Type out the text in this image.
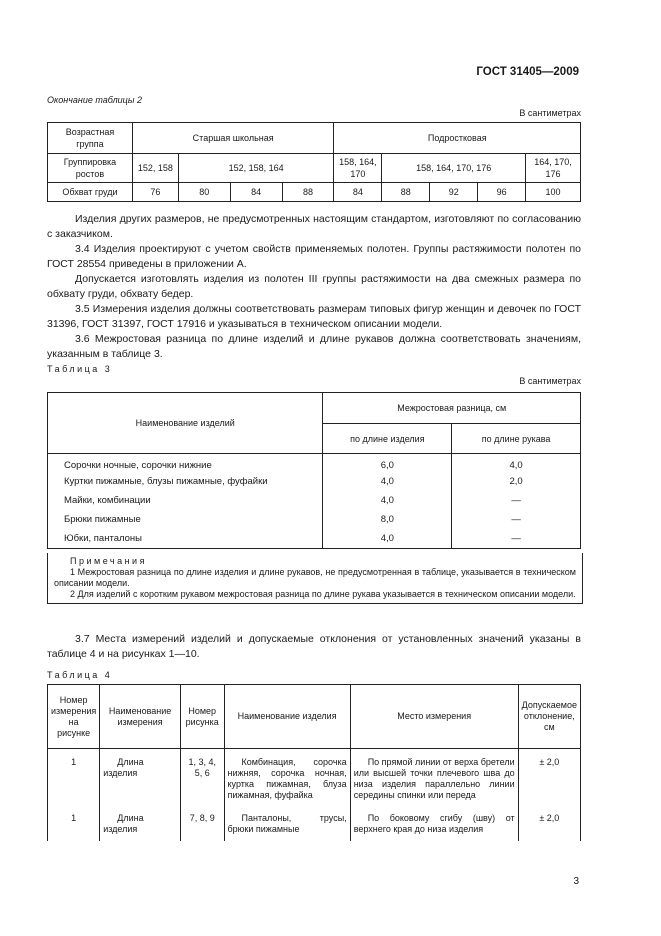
ГОСТ 31405—2009
Окончание таблицы 2
В сантиметрах
Возрастная группа	Старшая школьная				Подростковая				
Группировка ростов	152, 158	152, 158, 164			158, 164, 170	158, 164, 170, 176			164, 170, 176
Обхват груди	76	80	84	88	84	88	92	96	100

Изделия других размеров, не предусмотренных настоящим стандартом, изготовляют по согласованию с заказчиком.

3.4 Изделия проектируют с учетом свойств применяемых полотен. Группы растяжимости полотен по ГОСТ 28554 приведены в приложении А.

Допускается изготовлять изделия из полотен III группы растяжимости на два смежных размера по обхвату груди, обхвату бедер.

3.5 Измерения изделия должны соответствовать размерам типовых фигур женщин и девочек по ГОСТ 31396, ГОСТ 31397, ГОСТ 17916 и указываться в техническом описании модели.

3.6 Межростовая разница по длине изделий и длине рукавов должна соответствовать значениям, указанным в таблице 3.

Таблица 3
В сантиметрах
Наименование изделий	Межростовая разница, см	
	по длине изделия	по длине рукава
Сорочки ночные, сорочки нижние	6,0	4,0
Куртки пижамные, блузы пижамные, фуфайки	4,0	2,0
Майки, комбинации	4,0	—
Брюки пижамные	8,0	—
Юбки, панталоны	4,0	—

Примечания

1 Межростовая разница по длине изделия и длине рукавов, не предусмотренная в таблице, указывается в техническом описании модели.

2 Для изделий с коротким рукавом межростовая разница по длине рукава указывается в техническом описании модели.

3.7 Места измерений изделий и допускаемые отклонения от установленных значений указаны в таблице 4 и на рисунках 1—10.

Таблица 4
Номер измерения на рисунке	Наименование измерения	Номер рисунка	Наименование изделия	Место измерения	Допускаемое отклонение, см
1	Длина изделия	1, 3, 4, 5, 6	Комбинация, сорочка нижняя, сорочка ночная, куртка пижамная, блуза пижамная, фуфайка	По прямой линии от верха бретели или высшей точки плечевого шва до низа изделия параллельно линии середины спинки или переда	± 2,0
1	Длина изделия	7, 8, 9	Панталоны, трусы, брюки пижамные	По боковому сгибу (шву) от верхнего края до низа изделия	± 2,0
3
